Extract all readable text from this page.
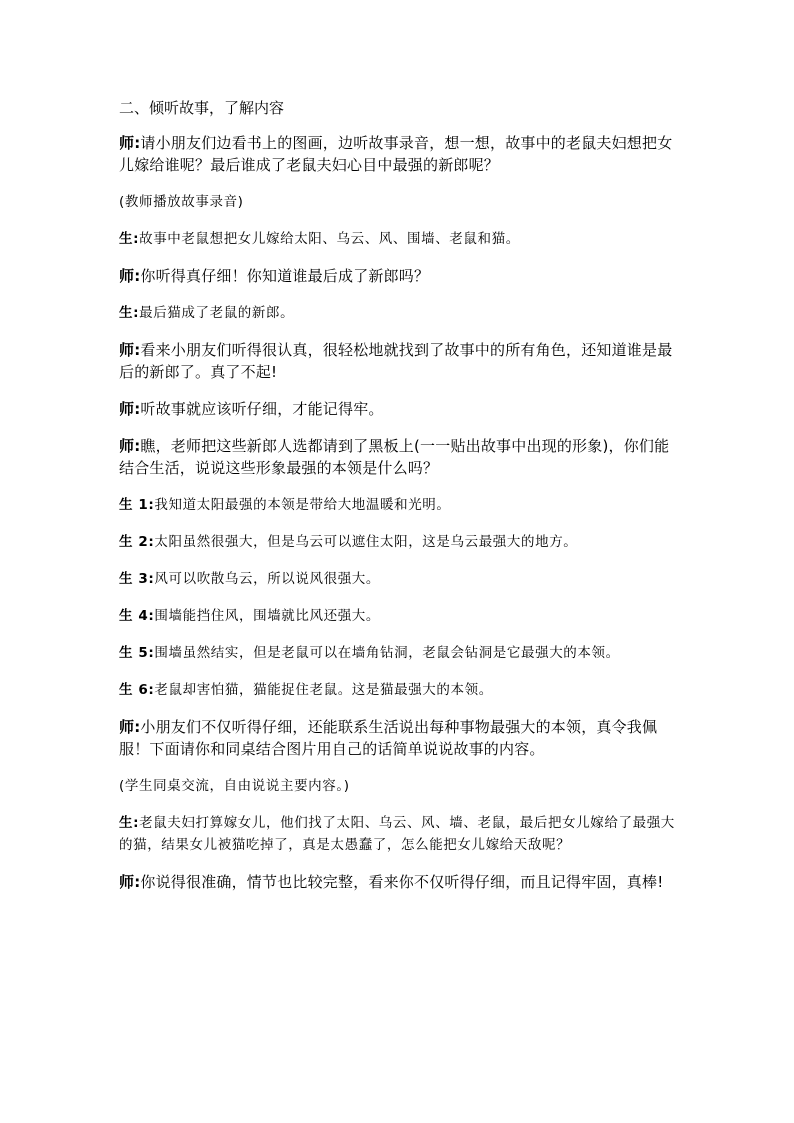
二、倾听故事，了解内容
师:请小朋友们边看书上的图画，边听故事录音，想一想，故事中的老鼠夫妇想把女儿嫁给谁呢？最后谁成了老鼠夫妇心目中最强的新郎呢？
(教师播放故事录音)
生:故事中老鼠想把女儿嫁给太阳、乌云、风、围墙、老鼠和猫。
师:你听得真仔细！你知道谁最后成了新郎吗？
生:最后猫成了老鼠的新郎。
师:看来小朋友们听得很认真，很轻松地就找到了故事中的所有角色，还知道谁是最后的新郎了。真了不起!
师:听故事就应该听仔细，才能记得牢。
师:瞧，老师把这些新郎人选都请到了黑板上(一一贴出故事中出现的形象)，你们能结合生活，说说这些形象最强的本领是什么吗？
生 1:我知道太阳最强的本领是带给大地温暖和光明。
生 2:太阳虽然很强大，但是乌云可以遮住太阳，这是乌云最强大的地方。
生 3:风可以吹散乌云，所以说风很强大。
生 4:围墙能挡住风，围墙就比风还强大。
生 5:围墙虽然结实，但是老鼠可以在墙角钻洞，老鼠会钻洞是它最强大的本领。
生 6:老鼠却害怕猫，猫能捉住老鼠。这是猫最强大的本领。
师:小朋友们不仅听得仔细，还能联系生活说出每种事物最强大的本领，真令我佩服！下面请你和同桌结合图片用自己的话简单说说故事的内容。
(学生同桌交流，自由说说主要内容。)
生:老鼠夫妇打算嫁女儿，他们找了太阳、乌云、风、墙、老鼠，最后把女儿嫁给了最强大的猫，结果女儿被猫吃掉了，真是太愚蠢了，怎么能把女儿嫁给天敌呢？
师:你说得很准确，情节也比较完整，看来你不仅听得仔细，而且记得牢固，真棒!
